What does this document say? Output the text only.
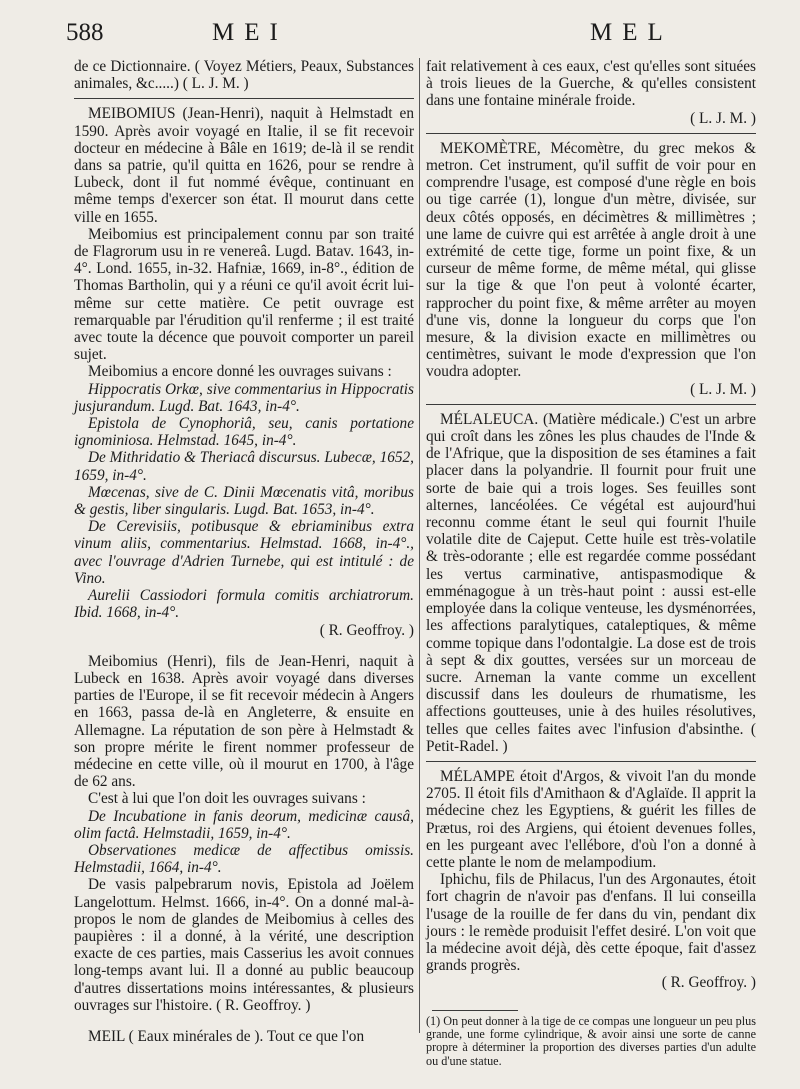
588	MEI	MEL

de ce Dictionnaire. ( Voyez Métiers, Peaux, Substances animales, &c.....) ( L. J. M. )

MEIBOMIUS (Jean-Henri), naquit à Helmstadt en 1590. Après avoir voyagé en Italie, il se fit recevoir docteur en médecine à Bâle en 1619; de-là il se rendit dans sa patrie, qu'il quitta en 1626, pour se rendre à Lubeck, dont il fut nommé évêque, continuant en même temps d'exercer son état. Il mourut dans cette ville en 1655.

Meibomius est principalement connu par son traité de Flagrorum usu in re venereâ. Lugd. Batav. 1643, in-4°. Lond. 1655, in-32. Hafniæ, 1669, in-8°., édition de Thomas Bartholin, qui y a réuni ce qu'il avoit écrit lui-même sur cette matière. Ce petit ouvrage est remarquable par l'érudition qu'il renferme ; il est traité avec toute la décence que pouvoit comporter un pareil sujet.

Meibomius a encore donné les ouvrages suivans :

Hippocratis Orkœ, sive commentarius in Hippocratis jusjurandum. Lugd. Bat. 1643, in-4°.

Epistola de Cynophoriâ, seu, canis portatione ignominiosa. Helmstad. 1645, in-4°.

De Mithridatio & Theriacâ discursus. Lubecæ, 1652, 1659, in-4°.

Mœcenas, sive de C. Dinii Mœcenatis vitâ, moribus & gestis, liber singularis. Lugd. Bat. 1653, in-4°.

De Cerevisiis, potibusque & ebriaminibus extra vinum aliis, commentarius. Helmstad. 1668, in-4°., avec l'ouvrage d'Adrien Turnebe, qui est intitulé : de Vino.

Aurelii Cassiodori formula comitis archiatrorum. Ibid. 1668, in-4°.

( R. Geoffroy. )

Meibomius (Henri), fils de Jean-Henri, naquit à Lubeck en 1638. Après avoir voyagé dans diverses parties de l'Europe, il se fit recevoir médecin à Angers en 1663, passa de-là en Angleterre, & ensuite en Allemagne. La réputation de son père à Helmstadt & son propre mérite le firent nommer professeur de médecine en cette ville, où il mourut en 1700, à l'âge de 62 ans.

C'est à lui que l'on doit les ouvrages suivans :

De Incubatione in fanis deorum, medicinæ causâ, olim factâ. Helmstadii, 1659, in-4°.

Observationes medicæ de affectibus omissis. Helmstadii, 1664, in-4°.

De vasis palpebrarum novis, Epistola ad Joëlem Langelottum. Helmst. 1666, in-4°. On a donné mal-à-propos le nom de glandes de Meibomius à celles des paupières : il a donné, à la vérité, une description exacte de ces parties, mais Casserius les avoit connues long-temps avant lui. Il a donné au public beaucoup d'autres dissertations moins intéressantes, & plusieurs ouvrages sur l'histoire. ( R. Geoffroy. )

MEIL ( Eaux minérales de ). Tout ce que l'on

fait relativement à ces eaux, c'est qu'elles sont situées à trois lieues de la Guerche, & qu'elles consistent dans une fontaine minérale froide.

( L. J. M. )

MEKOMÈTRE, Mécomètre, du grec mekos & metron. Cet instrument, qu'il suffit de voir pour en comprendre l'usage, est composé d'une règle en bois ou tige carrée (1), longue d'un mètre, divisée, sur deux côtés opposés, en décimètres & millimètres ; une lame de cuivre qui est arrêtée à angle droit à une extrémité de cette tige, forme un point fixe, & un curseur de même forme, de même métal, qui glisse sur la tige & que l'on peut à volonté écarter, rapprocher du point fixe, & même arrêter au moyen d'une vis, donne la longueur du corps que l'on mesure, & la division exacte en millimètres ou centimètres, suivant le mode d'expression que l'on voudra adopter.

( L. J. M. )

MÉLALEUCA. (Matière médicale.) C'est un arbre qui croît dans les zônes les plus chaudes de l'Inde & de l'Afrique, que la disposition de ses étamines a fait placer dans la polyandrie. Il fournit pour fruit une sorte de baie qui a trois loges. Ses feuilles sont alternes, lancéolées. Ce végétal est aujourd'hui reconnu comme étant le seul qui fournit l'huile volatile dite de Cajeput. Cette huile est très-volatile & très-odorante ; elle est regardée comme possédant les vertus carminative, antispasmodique & emménagogue à un très-haut point : aussi est-elle employée dans la colique venteuse, les dysménorrées, les affections paralytiques, cataleptiques, & même comme topique dans l'odontalgie. La dose est de trois à sept & dix gouttes, versées sur un morceau de sucre. Arneman la vante comme un excellent discussif dans les douleurs de rhumatisme, les affections goutteuses, unie à des huiles résolutives, telles que celles faites avec l'infusion d'absinthe. ( Petit-Radel. )

MÉLAMPE étoit d'Argos, & vivoit l'an du monde 2705. Il étoit fils d'Amithaon & d'Aglaïde. Il apprit la médecine chez les Egyptiens, & guérit les filles de Prætus, roi des Argiens, qui étoient devenues folles, en les purgeant avec l'ellébore, d'où l'on a donné à cette plante le nom de melampodium.

Iphichu, fils de Philacus, l'un des Argonautes, étoit fort chagrin de n'avoir pas d'enfans. Il lui conseilla l'usage de la rouille de fer dans du vin, pendant dix jours : le remède produisit l'effet desiré. L'on voit que la médecine avoit déjà, dès cette époque, fait d'assez grands progrès.

( R. Geoffroy. )

(1) On peut donner à la tige de ce compas une longueur un peu plus grande, une forme cylindrique, & avoir ainsi une sorte de canne propre à déterminer la proportion des diverses parties d'un adulte ou d'une statue.
